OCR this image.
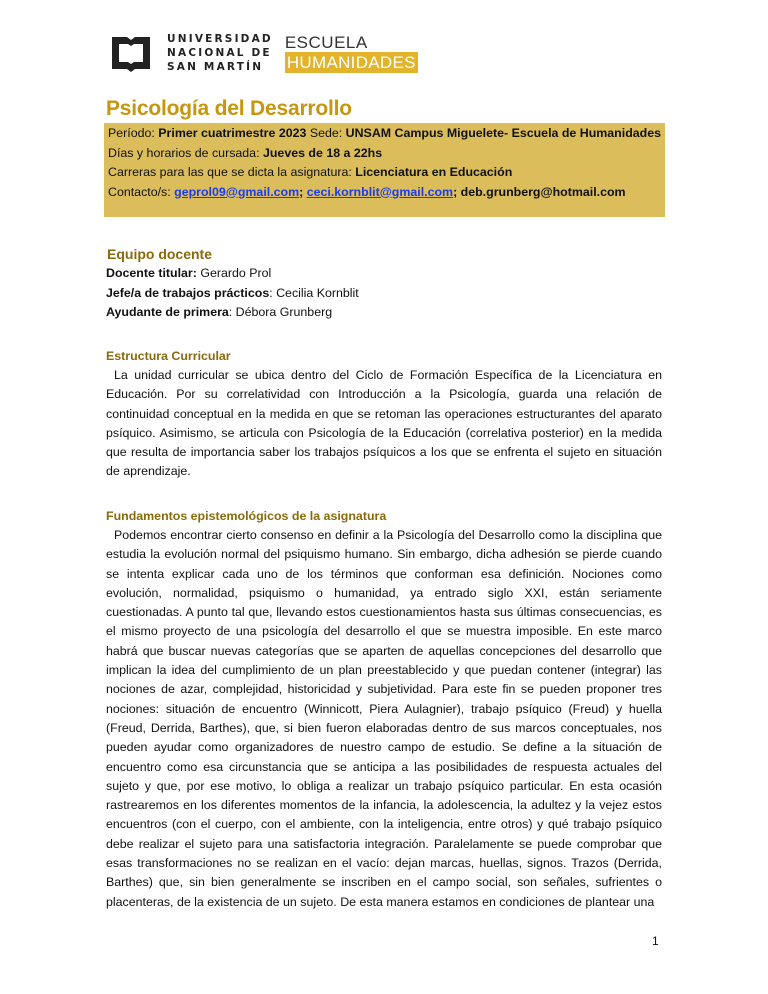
UNIVERSIDAD
NACIONAL DE
SAN MARTÍN
ESCUELA
HUMANIDADES
Psicología del Desarrollo
Período: Primer cuatrimestre 2023 Sede: UNSAM Campus Miguelete- Escuela de Humanidades
Días y horarios de cursada: Jueves de 18 a 22hs
Carreras para las que se dicta la asignatura: Licenciatura en Educación
Contacto/s: geprol09@gmail.com; ceci.kornblit@gmail.com; deb.grunberg@hotmail.com
Equipo docente
Docente titular: Gerardo Prol
Jefe/a de trabajos prácticos: Cecilia Kornblit
Ayudante de primera: Débora Grunberg
Estructura Curricular
La unidad curricular se ubica dentro del Ciclo de Formación Específica de la Licenciatura en Educación. Por su correlatividad con Introducción a la Psicología, guarda una relación de continuidad conceptual en la medida en que se retoman las operaciones estructurantes del aparato psíquico. Asimismo, se articula con Psicología de la Educación (correlativa posterior) en la medida que resulta de importancia saber los trabajos psíquicos a los que se enfrenta el sujeto en situación de aprendizaje.
Fundamentos epistemológicos de la asignatura
Podemos encontrar cierto consenso en definir a la Psicología del Desarrollo como la disciplina que estudia la evolución normal del psiquismo humano. Sin embargo, dicha adhesión se pierde cuando se intenta explicar cada uno de los términos que conforman esa definición. Nociones como evolución, normalidad, psiquismo o humanidad, ya entrado siglo XXI, están seriamente cuestionadas. A punto tal que, llevando estos cuestionamientos hasta sus últimas consecuencias, es el mismo proyecto de una psicología del desarrollo el que se muestra imposible. En este marco habrá que buscar nuevas categorías que se aparten de aquellas concepciones del desarrollo que implican la idea del cumplimiento de un plan preestablecido y que puedan contener (integrar) las nociones de azar, complejidad, historicidad y subjetividad. Para este fin se pueden proponer tres nociones: situación de encuentro (Winnicott, Piera Aulagnier), trabajo psíquico (Freud) y huella (Freud, Derrida, Barthes), que, si bien fueron elaboradas dentro de sus marcos conceptuales, nos pueden ayudar como organizadores de nuestro campo de estudio. Se define a la situación de encuentro como esa circunstancia que se anticipa a las posibilidades de respuesta actuales del sujeto y que, por ese motivo, lo obliga a realizar un trabajo psíquico particular. En esta ocasión rastrearemos en los diferentes momentos de la infancia, la adolescencia, la adultez y la vejez estos encuentros (con el cuerpo, con el ambiente, con la inteligencia, entre otros) y qué trabajo psíquico debe realizar el sujeto para una satisfactoria integración. Paralelamente se puede comprobar que esas transformaciones no se realizan en el vacío: dejan marcas, huellas, signos. Trazos (Derrida, Barthes) que, sin bien generalmente se inscriben en el campo social, son señales, sufrientes o placenteras, de la existencia de un sujeto. De esta manera estamos en condiciones de plantear una
1
